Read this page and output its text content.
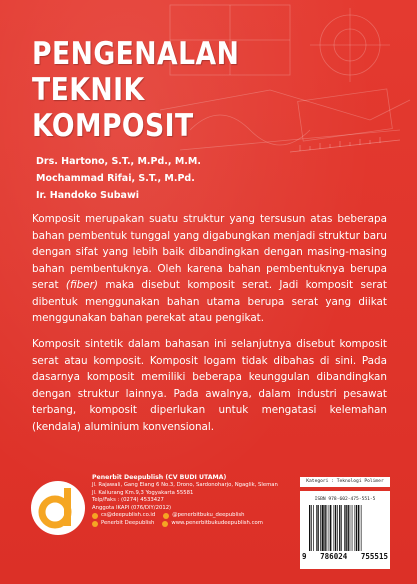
PENGENALAN
TEKNIK
KOMPOSIT
Drs. Hartono, S.T., M.Pd., M.M.
Mochammad Rifai, S.T., M.Pd.
Ir. Handoko Subawi

Komposit merupakan suatu struktur yang tersusun atas beberapa bahan pembentuk tunggal yang digabungkan menjadi struktur baru dengan sifat yang lebih baik dibandingkan dengan masing-masing bahan pembentuknya. Oleh karena bahan pembentuknya berupa serat (fiber) maka disebut komposit serat. Jadi komposit serat dibentuk menggunakan bahan utama berupa serat yang diikat menggunakan bahan perekat atau pengikat.

Komposit sintetik dalam bahasan ini selanjutnya disebut komposit serat atau komposit. Komposit logam tidak dibahas di sini. Pada dasarnya komposit memiliki beberapa keunggulan dibandingkan dengan struktur lainnya. Pada awalnya, dalam industri pesawat terbang, komposit diperlukan untuk mengatasi kelemahan (kendala) aluminium konvensional.

Penerbit Deepublish (CV BUDI UTAMA)
Jl. Rajawali, Gang Elang 6 No.3, Drono, Sardonoharjo, Ngaglik, Sleman
Jl. Kaliurang Km.9,3 Yogyakarta 55581
Telp/Faks : (0274) 4533427
Anggota IKAPI (076/DIY/2012)
cs@deepublish.co.id	@penerbitbuku_deepublish
Penerbit Deepublish	www.penerbitbukudeepublish.com
Kategori : Teknologi Polimer
ISBN 978-602-475-551-5
9 786024 755515
